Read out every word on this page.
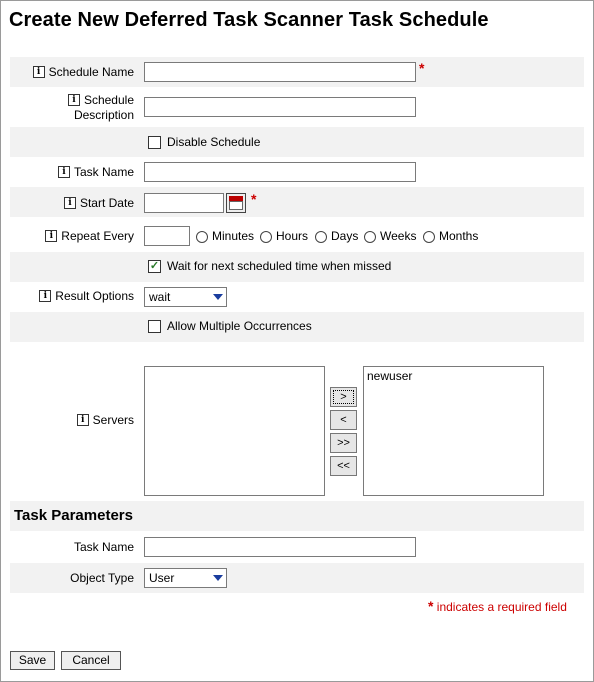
Create New Deferred Task Scanner Task Schedule
i Schedule Name	*
i Schedule
Description
Disable Schedule
i Task Name
i Start Date	*
i Repeat Every	Minutes Hours Days Weeks Months
✓ Wait for next scheduled time when missed
i Result Options	wait
Allow Multiple Occurrences
i Servers
>
<
>>
<<
newuser
Task Parameters
Task Name
Object Type	User
* indicates a required field
Save	Cancel
